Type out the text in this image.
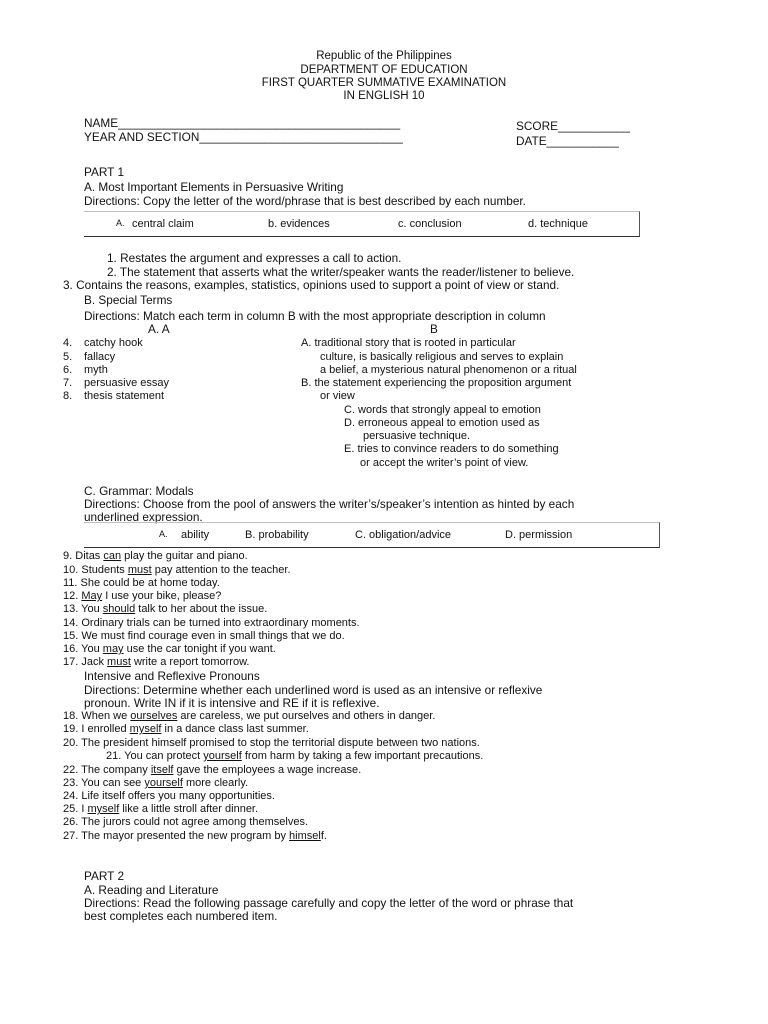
Republic of the Philippines
DEPARTMENT OF EDUCATION
FIRST QUARTER SUMMATIVE EXAMINATION
IN ENGLISH 10
NAME___________________________________________
YEAR AND SECTION_______________________________
SCORE___________
DATE___________
PART 1
A. Most Important Elements in Persuasive Writing
Directions: Copy the letter of the word/phrase that is best described by each number.
A. central claim	b. evidences	c. conclusion	d. technique
1. Restates the argument and expresses a call to action.
2. The statement that asserts what the writer/speaker wants the reader/listener to believe.
3. Contains the reasons, examples, statistics, opinions used to support a point of view or stand.
B. Special Terms
Directions: Match each term in column B with the most appropriate description in column
A. A	B
4. catchy hook
5. fallacy
6. myth
7. persuasive essay
8. thesis statement
A. traditional story that is rooted in particular
culture, is basically religious and serves to explain
a belief, a mysterious natural phenomenon or a ritual
B. the statement experiencing the proposition argument
or view
C. words that strongly appeal to emotion
D. erroneous appeal to emotion used as
persuasive technique.
E. tries to convince readers to do something
or accept the writer’s point of view.
C. Grammar: Modals
Directions: Choose from the pool of answers the writer’s/speaker’s intention as hinted by each
underlined expression.
A. ability	B. probability	C. obligation/advice	D. permission
9. Ditas can play the guitar and piano.
10. Students must pay attention to the teacher.
11. She could be at home today.
12. May I use your bike, please?
13. You should talk to her about the issue.
14. Ordinary trials can be turned into extraordinary moments.
15. We must find courage even in small things that we do.
16. You may use the car tonight if you want.
17. Jack must write a report tomorrow.
Intensive and Reflexive Pronouns
Directions: Determine whether each underlined word is used as an intensive or reflexive
pronoun. Write IN if it is intensive and RE if it is reflexive.
18. When we ourselves are careless, we put ourselves and others in danger.
19. I enrolled myself in a dance class last summer.
20. The president himself promised to stop the territorial dispute between two nations.
21. You can protect yourself from harm by taking a few important precautions.
22. The company itself gave the employees a wage increase.
23. You can see yourself more clearly.
24. Life itself offers you many opportunities.
25. I myself like a little stroll after dinner.
26. The jurors could not agree among themselves.
27. The mayor presented the new program by himself.
PART 2
A. Reading and Literature
Directions: Read the following passage carefully and copy the letter of the word or phrase that
best completes each numbered item.
